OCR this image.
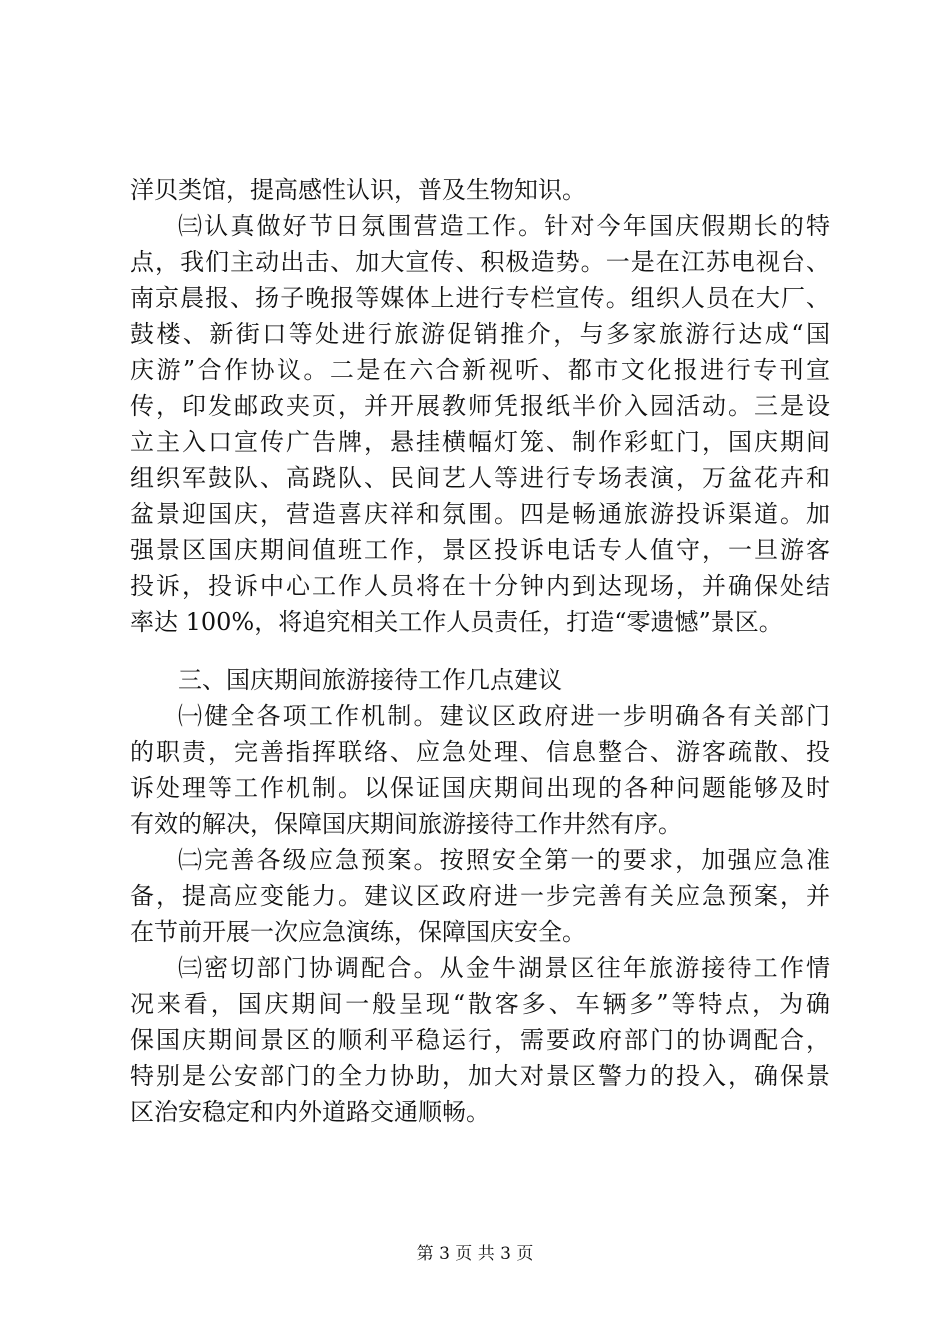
洋贝类馆，提高感性认识，普及生物知识。
㈢认真做好节日氛围营造工作。针对今年国庆假期长的特
点，我们主动出击、加大宣传、积极造势。一是在江苏电视台、
南京晨报、扬子晚报等媒体上进行专栏宣传。组织人员在大厂、
鼓楼、新街口等处进行旅游促销推介，与多家旅游行达成“国
庆游”合作协议。二是在六合新视听、都市文化报进行专刊宣
传，印发邮政夹页，并开展教师凭报纸半价入园活动。三是设
立主入口宣传广告牌，悬挂横幅灯笼、制作彩虹门，国庆期间
组织军鼓队、高跷队、民间艺人等进行专场表演，万盆花卉和
盆景迎国庆，营造喜庆祥和氛围。四是畅通旅游投诉渠道。加
强景区国庆期间值班工作，景区投诉电话专人值守，一旦游客
投诉，投诉中心工作人员将在十分钟内到达现场，并确保处结
率达 100%，将追究相关工作人员责任，打造“零遗憾”景区。
三、国庆期间旅游接待工作几点建议
㈠健全各项工作机制。建议区政府进一步明确各有关部门
的职责，完善指挥联络、应急处理、信息整合、游客疏散、投
诉处理等工作机制。以保证国庆期间出现的各种问题能够及时
有效的解决，保障国庆期间旅游接待工作井然有序。
㈡完善各级应急预案。按照安全第一的要求，加强应急准
备，提高应变能力。建议区政府进一步完善有关应急预案，并
在节前开展一次应急演练，保障国庆安全。
㈢密切部门协调配合。从金牛湖景区往年旅游接待工作情
况来看，国庆期间一般呈现“散客多、车辆多”等特点，为确
保国庆期间景区的顺利平稳运行，需要政府部门的协调配合，
特别是公安部门的全力协助，加大对景区警力的投入，确保景
区治安稳定和内外道路交通顺畅。
第 3 页 共 3 页
